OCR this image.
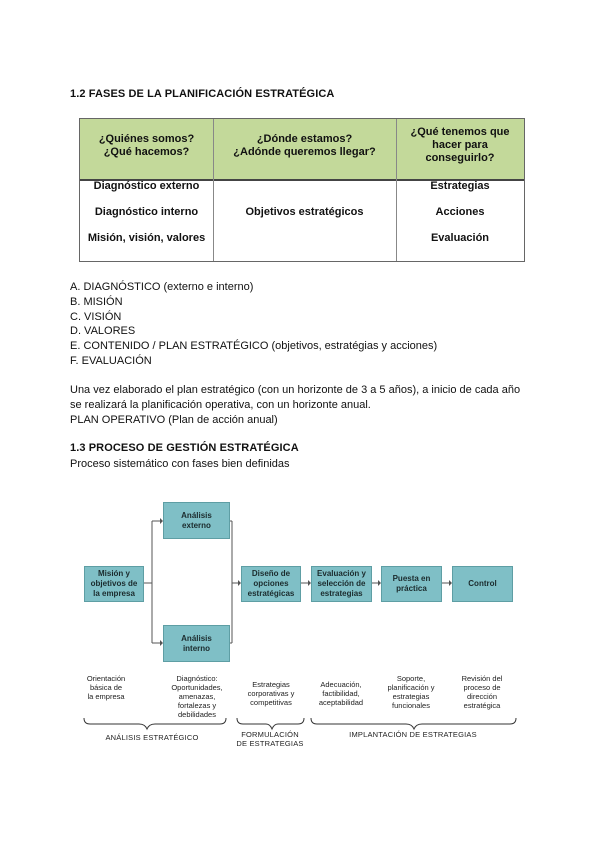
1.2 FASES DE LA PLANIFICACIÓN ESTRATÉGICA
¿Quiénes somos?
¿Qué hacemos?
¿Dónde estamos?
¿Adónde queremos llegar?
¿Qué tenemos que
hacer para
conseguirlo?
Diagnóstico externo
Diagnóstico interno
Misión, visión, valores
Objetivos estratégicos
Estrategias
Acciones
Evaluación
A. DIAGNÓSTICO (externo e interno)
B. MISIÓN
C. VISIÓN
D. VALORES
E. CONTENIDO / PLAN ESTRATÉGICO (objetivos, estratégias y acciones)
F. EVALUACIÓN
Una vez elaborado el plan estratégico (con un horizonte de 3 a 5 años), a inicio de cada año
se realizará la planificación operativa, con un horizonte anual.
PLAN OPERATIVO (Plan de acción anual)
1.3 PROCESO DE GESTIÓN ESTRATÉGICA
Proceso sistemático con fases bien definidas
Misión y
objetivos de
la empresa
Análisis
externo
Análisis
interno
Diseño de
opciones
estratégicas
Evaluación y
selección de
estrategias
Puesta en
práctica
Control
Orientación
básica de
la empresa
Diagnóstico:
Oportunidades,
amenazas,
fortalezas y
debilidades
Estrategias
corporativas y
competitivas
Adecuación,
factibilidad,
aceptabilidad
Soporte,
planificación y
estrategias
funcionales
Revisión del
proceso de
dirección
estratégica
ANÁLISIS ESTRATÉGICO	FORMULACIÓN
DE ESTRATEGIAS
IMPLANTACIÓN DE ESTRATEGIAS
